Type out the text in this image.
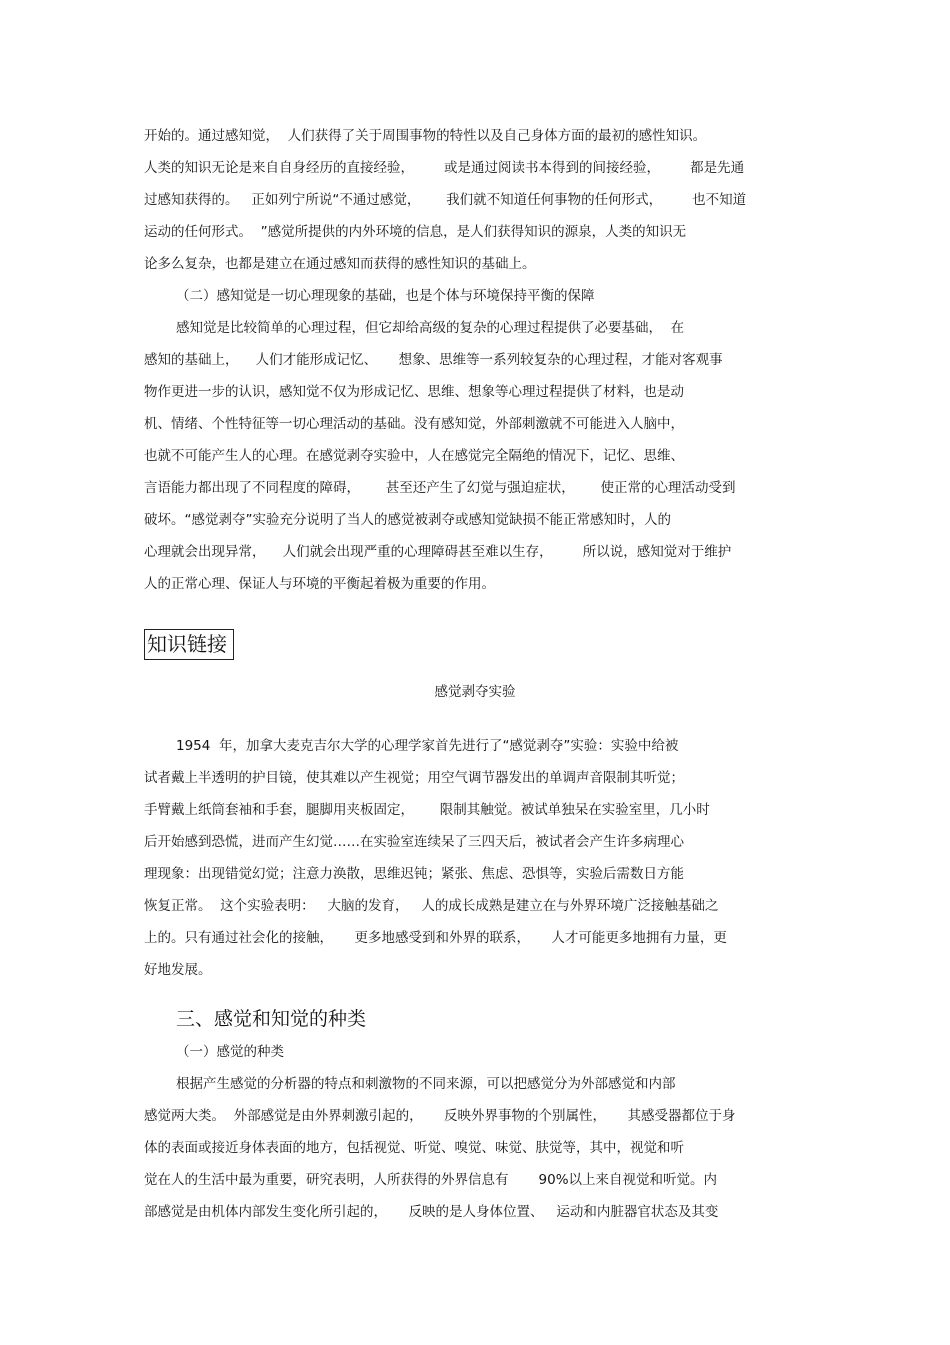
开始的。通过感知觉，  人们获得了关于周围事物的特性以及自己身体方面的最初的感性知识。
人类的知识无论是来自自身经历的直接经验，       或是通过阅读书本得到的间接经验，       都是先通
过感知获得的。   正如列宁所说“不通过感觉，      我们就不知道任何事物的任何形式，       也不知道
运动的任何形式。  ”感觉所提供的内外环境的信息，是人们获得知识的源泉，人类的知识无
论多么复杂，也都是建立在通过感知而获得的感性知识的基础上。
（二）感知觉是一切心理现象的基础，也是个体与环境保持平衡的保障
感知觉是比较简单的心理过程，但它却给高级的复杂的心理过程提供了必要基础，  在
感知的基础上，    人们才能形成记忆、     想象、思维等一系列较复杂的心理过程，才能对客观事
物作更进一步的认识，感知觉不仅为形成记忆、思维、想象等心理过程提供了材料，也是动
机、情绪、个性特征等一切心理活动的基础。没有感知觉，外部刺激就不可能进入人脑中，
也就不可能产生人的心理。在感觉剥夺实验中，人在感觉完全隔绝的情况下，记忆、思维、
言语能力都出现了不同程度的障碍，      甚至还产生了幻觉与强迫症状，      使正常的心理活动受到
破坏。“感觉剥夺”实验充分说明了当人的感觉被剥夺或感知觉缺损不能正常感知时，人的
心理就会出现异常，    人们就会出现严重的心理障碍甚至难以生存，       所以说，感知觉对于维护
人的正常心理、保证人与环境的平衡起着极为重要的作用。
知识链接
感觉剥夺实验
1954  年，加拿大麦克吉尔大学的心理学家首先进行了“感觉剥夺”实验：实验中给被
试者戴上半透明的护目镜，使其难以产生视觉；用空气调节器发出的单调声音限制其听觉；
手臂戴上纸筒套袖和手套，腿脚用夹板固定，      限制其触觉。被试单独呆在实验室里，几小时
后开始感到恐慌，进而产生幻觉……在实验室连续呆了三四天后，被试者会产生许多病理心
理现象：出现错觉幻觉；注意力涣散，思维迟钝；紧张、焦虑、恐惧等，实验后需数日方能
恢复正常。  这个实验表明：   大脑的发育，   人的成长成熟是建立在与外界环境广泛接触基础之
上的。只有通过社会化的接触，     更多地感受到和外界的联系，     人才可能更多地拥有力量，更
好地发展。
三、感觉和知觉的种类
（一）感觉的种类
根据产生感觉的分析器的特点和刺激物的不同来源，可以把感觉分为外部感觉和内部
感觉两大类。  外部感觉是由外界刺激引起的，     反映外界事物的个别属性，     其感受器都位于身
体的表面或接近身体表面的地方，包括视觉、听觉、嗅觉、味觉、肤觉等，其中，视觉和听
觉在人的生活中最为重要，研究表明，人所获得的外界信息有       90%以上来自视觉和听觉。内
部感觉是由机体内部发生变化所引起的，     反映的是人身体位置、   运动和内脏器官状态及其变
